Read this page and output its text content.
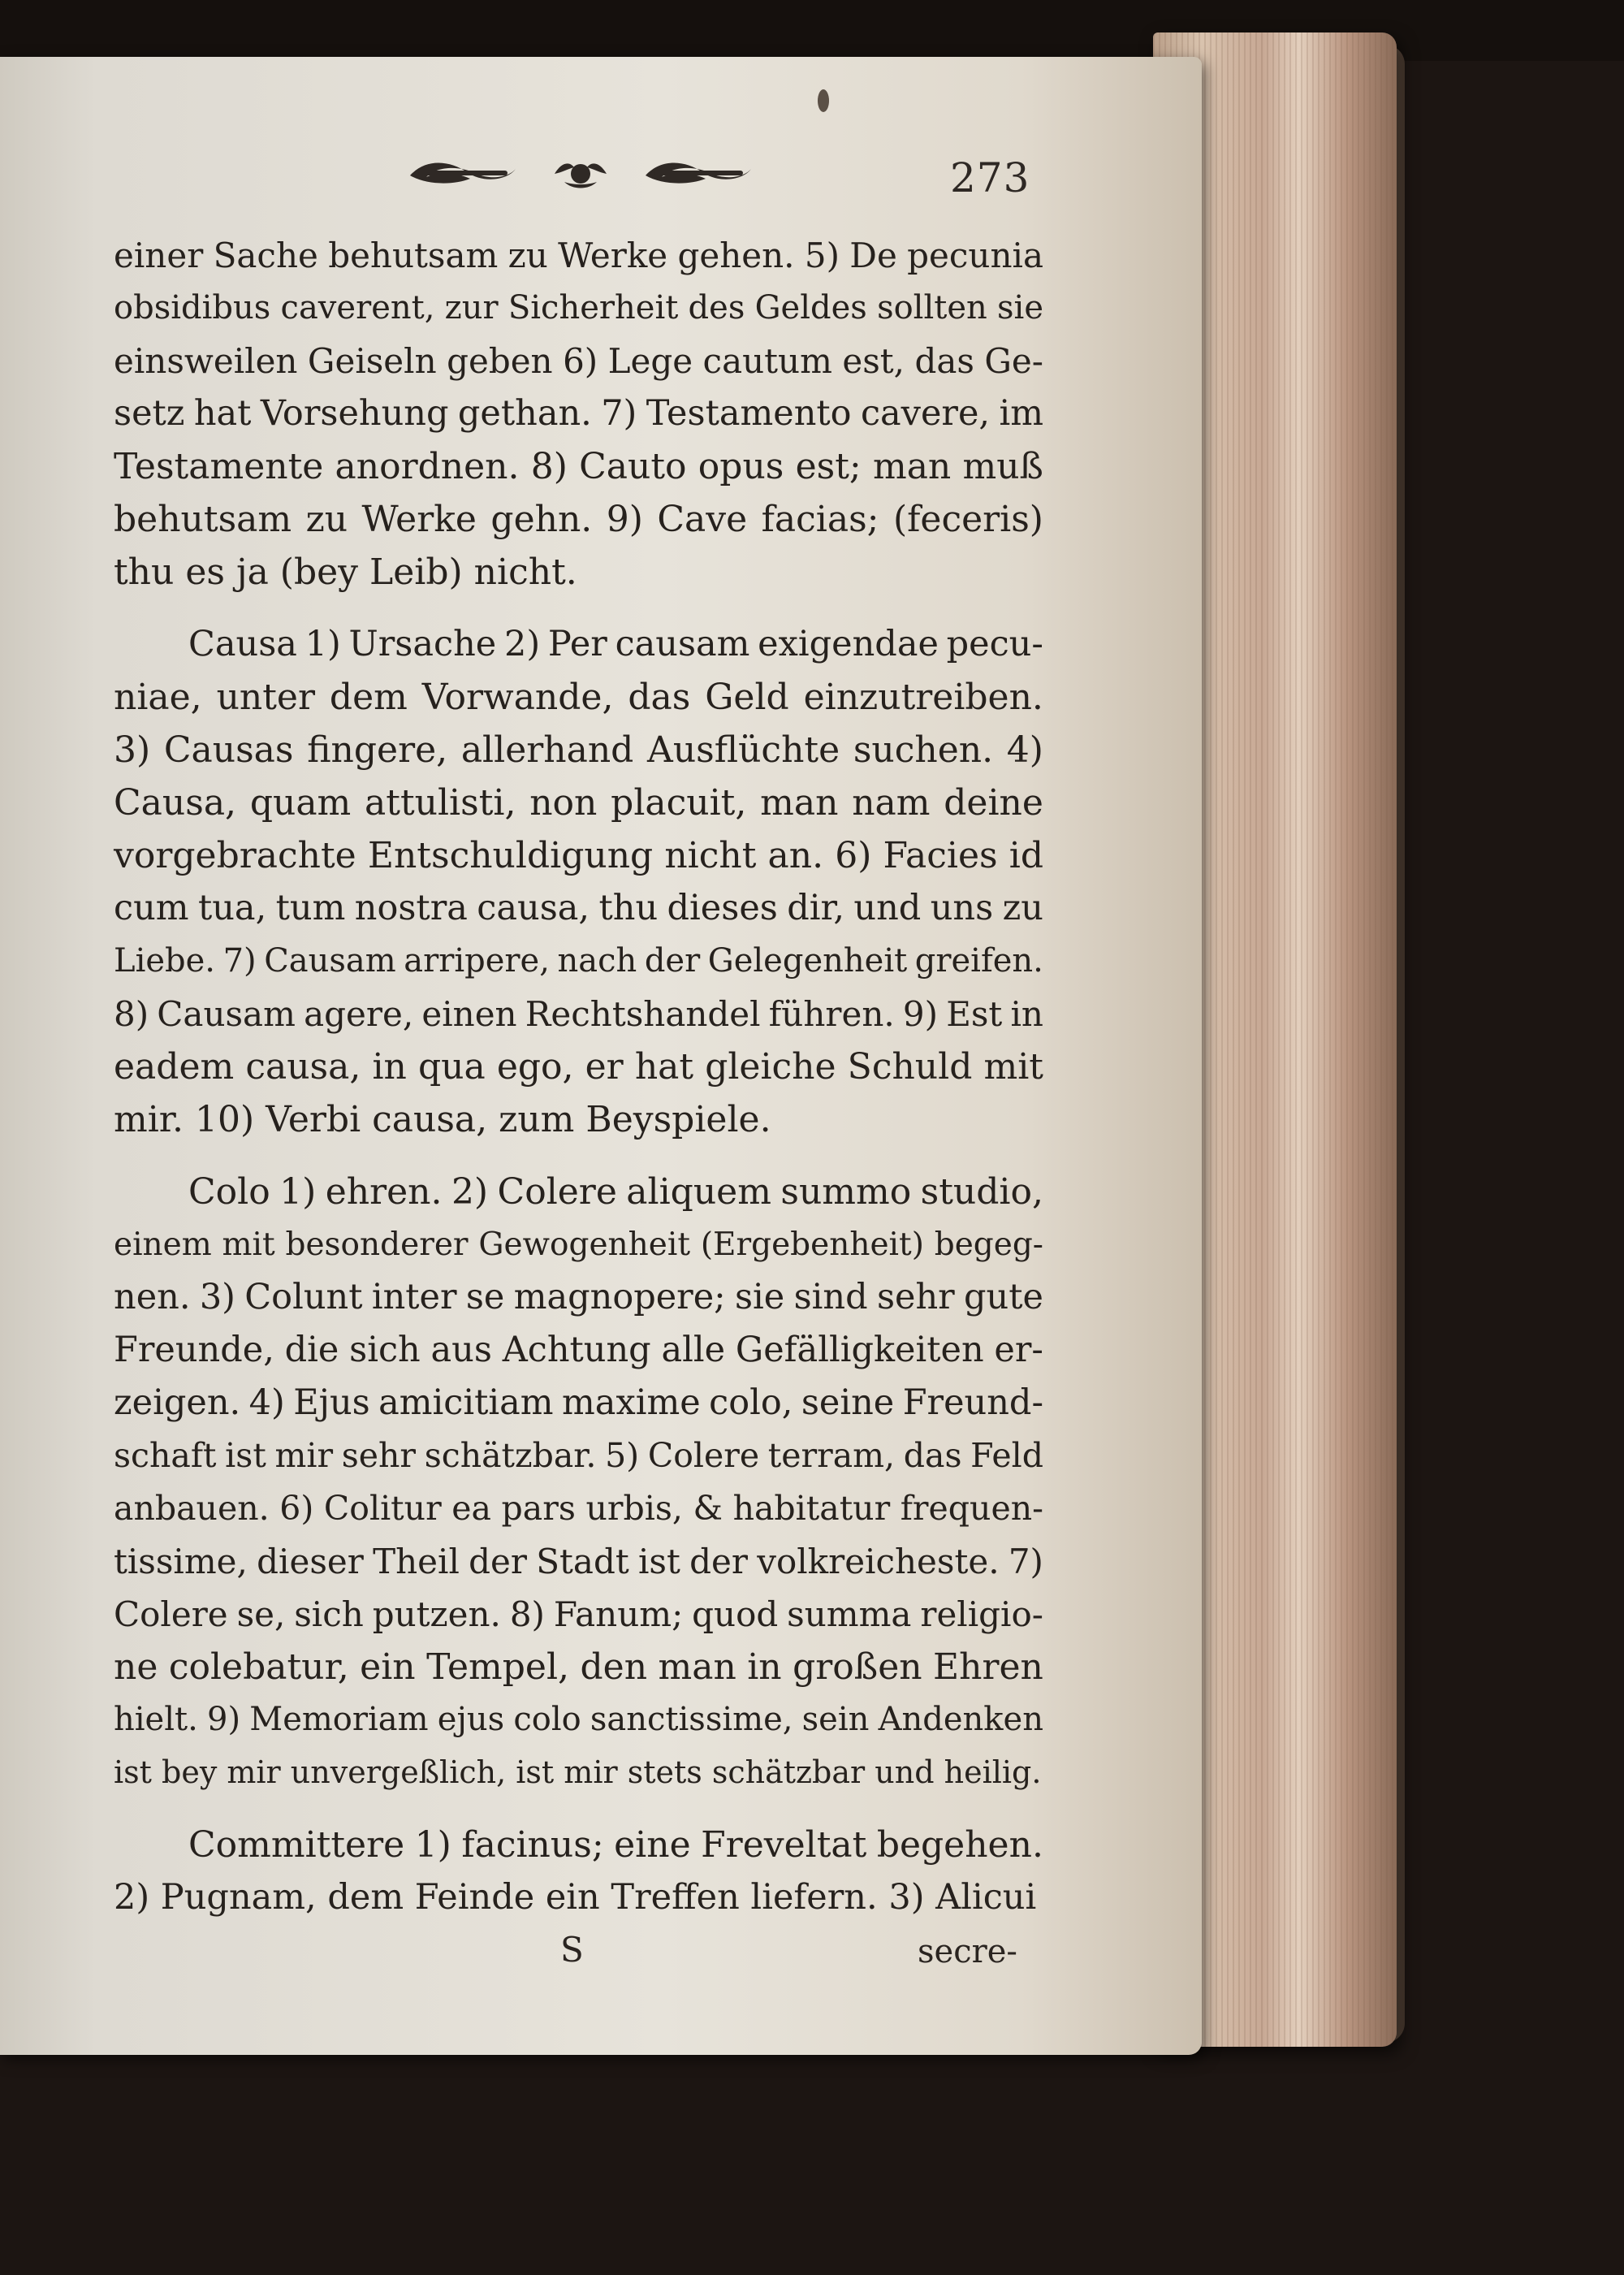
273
einer Sache behutsam zu Werke gehen. 5) De pecunia
obsidibus caverent, zur Sicherheit des Geldes sollten sie
einsweilen Geiseln geben 6) Lege cautum est, das Ge-
setz hat Vorsehung gethan. 7) Testamento cavere, im
Testamente anordnen. 8) Cauto opus est; man muß
behutsam zu Werke gehn. 9) Cave facias; (feceris)
thu es ja (bey Leib) nicht.
Causa 1) Ursache 2) Per causam exigendae pecu-
niae, unter dem Vorwande, das Geld einzutreiben.
3) Causas fingere, allerhand Ausflüchte suchen. 4)
Causa, quam attulisti, non placuit, man nam deine
vorgebrachte Entschuldigung nicht an. 6) Facies id
cum tua, tum nostra causa, thu dieses dir, und uns zu
Liebe. 7) Causam arripere, nach der Gelegenheit greifen.
8) Causam agere, einen Rechtshandel führen. 9) Est in
eadem causa, in qua ego, er hat gleiche Schuld mit
mir. 10) Verbi causa, zum Beyspiele.
Colo 1) ehren. 2) Colere aliquem summo studio,
einem mit besonderer Gewogenheit (Ergebenheit) begeg-
nen. 3) Colunt inter se magnopere; sie sind sehr gute
Freunde, die sich aus Achtung alle Gefälligkeiten er-
zeigen. 4) Ejus amicitiam maxime colo, seine Freund-
schaft ist mir sehr schätzbar. 5) Colere terram, das Feld
anbauen. 6) Colitur ea pars urbis, & habitatur frequen-
tissime, dieser Theil der Stadt ist der volkreicheste. 7)
Colere se, sich putzen. 8) Fanum; quod summa religio-
ne colebatur, ein Tempel, den man in großen Ehren
hielt. 9) Memoriam ejus colo sanctissime, sein Andenken
ist bey mir unvergeßlich, ist mir stets schätzbar und heilig.
Committere 1) facinus; eine Freveltat begehen.
2) Pugnam, dem Feinde ein Treffen liefern. 3) Alicui
S	secre-
